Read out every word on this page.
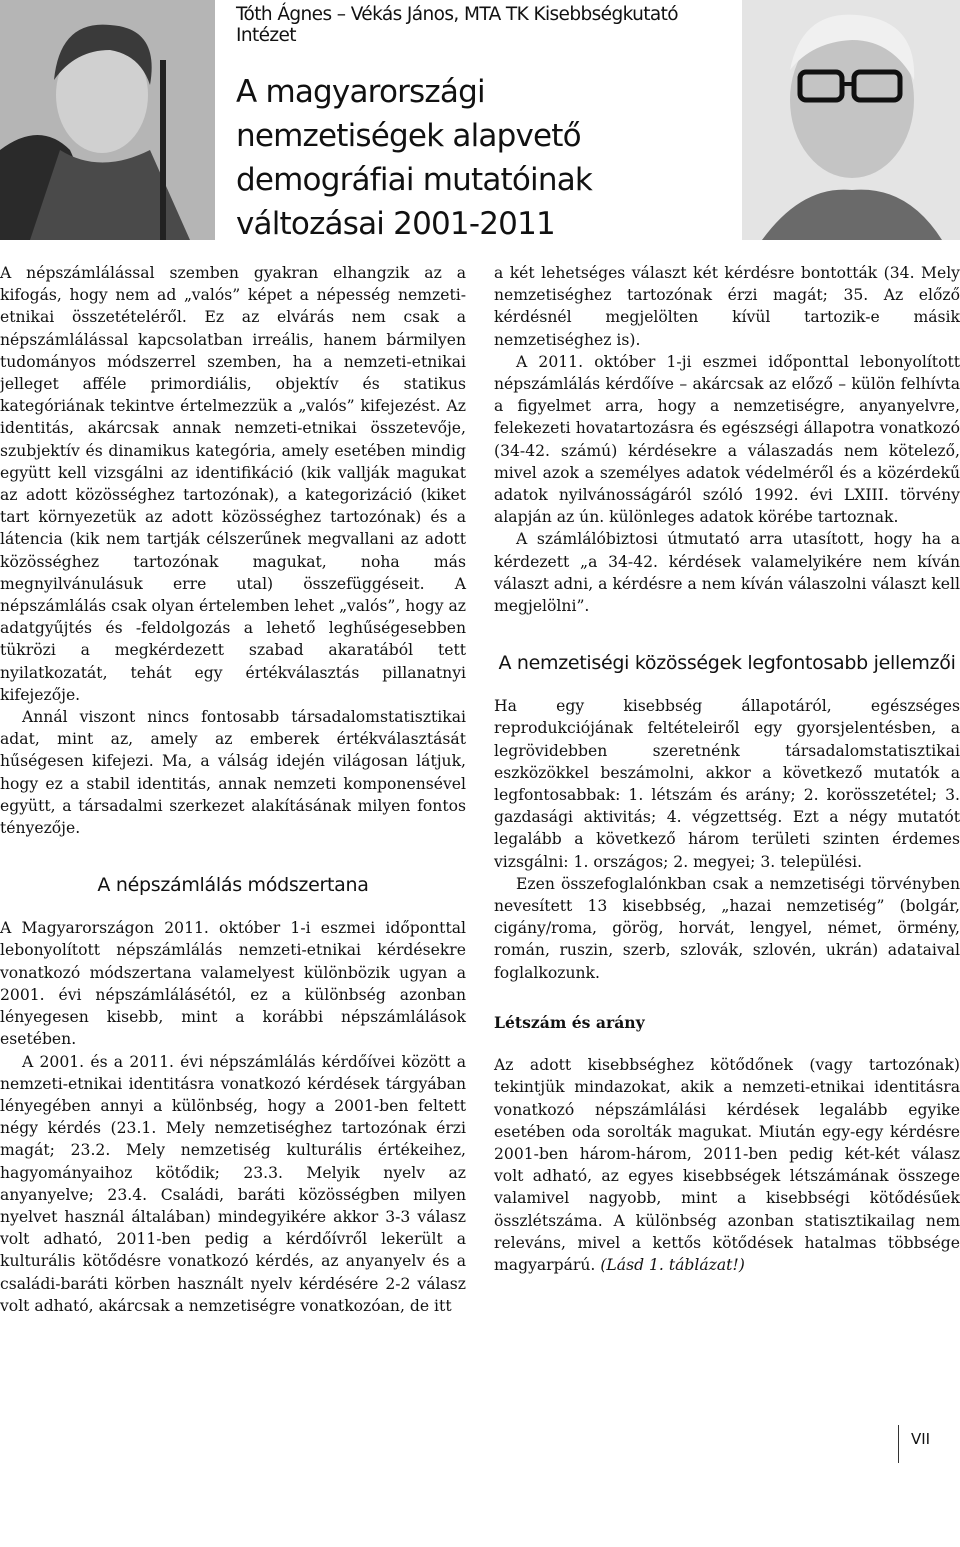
Tóth Ágnes – Vékás János, MTA TK Kisebbségkutató Intézet
A magyarországi
nemzetiségek alapvető
demográfiai mutatóinak
változásai 2001-2011

A népszámlálással szemben gyakran elhangzik az a kifogás, hogy nem ad „valós” képet a népesség nemzeti-etnikai összetételéről. Ez az elvárás nem csak a népszámlálással kapcsolatban irreális, hanem bármilyen tudományos módszerrel szemben, ha a nemzeti-etnikai jelleget afféle primordiális, objektív és statikus kategóriának tekintve értelmezzük a „valós” kifejezést. Az identitás, akárcsak annak nemzeti-etnikai összetevője, szubjektív és dinamikus kategória, amely esetében mindig együtt kell vizsgálni az identifikáció (kik vallják magukat az adott közösséghez tartozónak), a kategorizáció (kiket tart környezetük az adott közösséghez tartozónak) és a látencia (kik nem tartják célszerűnek megvallani az adott közösséghez tartozónak magukat, noha más megnyilvánulásuk erre utal) összefüggéseit. A népszámlálás csak olyan értelemben lehet „valós”, hogy az adatgyűjtés és -feldolgozás a lehető leghűségesebben tükrözi a megkérdezett szabad akaratából tett nyilatkozatát, tehát egy értékválasztás pillanatnyi kifejezője.

Annál viszont nincs fontosabb társadalomstatisztikai adat, mint az, amely az emberek értékválasztását hűségesen kifejezi. Ma, a válság idején világosan látjuk, hogy ez a stabil identitás, annak nemzeti komponensével együtt, a társadalmi szerkezet alakításának milyen fontos tényezője.

A népszámlálás módszertana

A Magyarországon 2011. október 1-i eszmei időponttal lebonyolított népszámlálás nemzeti-etnikai kérdésekre vonatkozó módszertana valamelyest különbözik ugyan a 2001. évi népszámlálásétól, ez a különbség azonban lényegesen kisebb, mint a korábbi népszámlálások esetében.

A 2001. és a 2011. évi népszámlálás kérdőívei között a nemzeti-etnikai identitásra vonatkozó kérdések tárgyában lényegében annyi a különbség, hogy a 2001-ben feltett négy kérdés (23.1. Mely nemzetiséghez tartozónak érzi magát; 23.2. Mely nemzetiség kulturális értékeihez, hagyományaihoz kötődik; 23.3. Melyik nyelv az anyanyelve; 23.4. Családi, baráti közösségben milyen nyelvet használ általában) mindegyikére akkor 3-3 válasz volt adható, 2011-ben pedig a kérdőívről lekerült a kulturális kötődésre vonatkozó kérdés, az anyanyelv és a családi-baráti körben használt nyelv kérdésére 2-2 válasz volt adható, akárcsak a nemzetiségre vonatkozóan, de itt

a két lehetséges választ két kérdésre bontották (34. Mely nemzetiséghez tartozónak érzi magát; 35. Az előző kérdésnél megjelölten kívül tartozik-e másik nemzetiséghez is).

A 2011. október 1-ji eszmei időponttal lebonyolított népszámlálás kérdőíve – akárcsak az előző – külön felhívta a figyelmet arra, hogy a nemzetiségre, anyanyelvre, felekezeti hovatartozásra és egészségi állapotra vonatkozó (34-42. számú) kérdésekre a válaszadás nem kötelező, mivel azok a személyes adatok védelméről és a közérdekű adatok nyilvánosságáról szóló 1992. évi LXIII. törvény alapján az ún. különleges adatok körébe tartoznak.

A számlálóbiztosi útmutató arra utasított, hogy ha a kérdezett „a 34-42. kérdések valamelyikére nem kíván választ adni, a kérdésre a nem kíván válaszolni választ kell megjelölni”.

A nemzetiségi közösségek legfontosabb jellemzői

Ha egy kisebbség állapotáról, egészséges reprodukciójának feltételeiről egy gyorsjelentésben, a legrövidebben szeretnénk társadalomstatisztikai eszközökkel beszámolni, akkor a következő mutatók a legfontosabbak: 1. létszám és arány; 2. korösszetétel; 3. gazdasági aktivitás; 4. végzettség. Ezt a négy mutatót legalább a következő három területi szinten érdemes vizsgálni: 1. országos; 2. megyei; 3. települési.

Ezen összefoglalónkban csak a nemzetiségi törvényben nevesített 13 kisebbség, „hazai nemzetiség” (bolgár, cigány/roma, görög, horvát, lengyel, német, örmény, román, ruszin, szerb, szlovák, szlovén, ukrán) adataival foglalkozunk.

Létszám és arány

Az adott kisebbséghez kötődőnek (vagy tartozónak) tekintjük mindazokat, akik a nemzeti-etnikai identitásra vonatkozó népszámlálási kérdések legalább egyike esetében oda sorolták magukat. Miután egy-egy kérdésre 2001-ben három-három, 2011-ben pedig két-két válasz volt adható, az egyes kisebbségek létszámának összege valamivel nagyobb, mint a kisebbségi kötődésűek összlétszáma. A különbség azonban statisztikailag nem releváns, mivel a kettős kötődések hatalmas többsége magyarpárú. (Lásd 1. táblázat!)

VII
